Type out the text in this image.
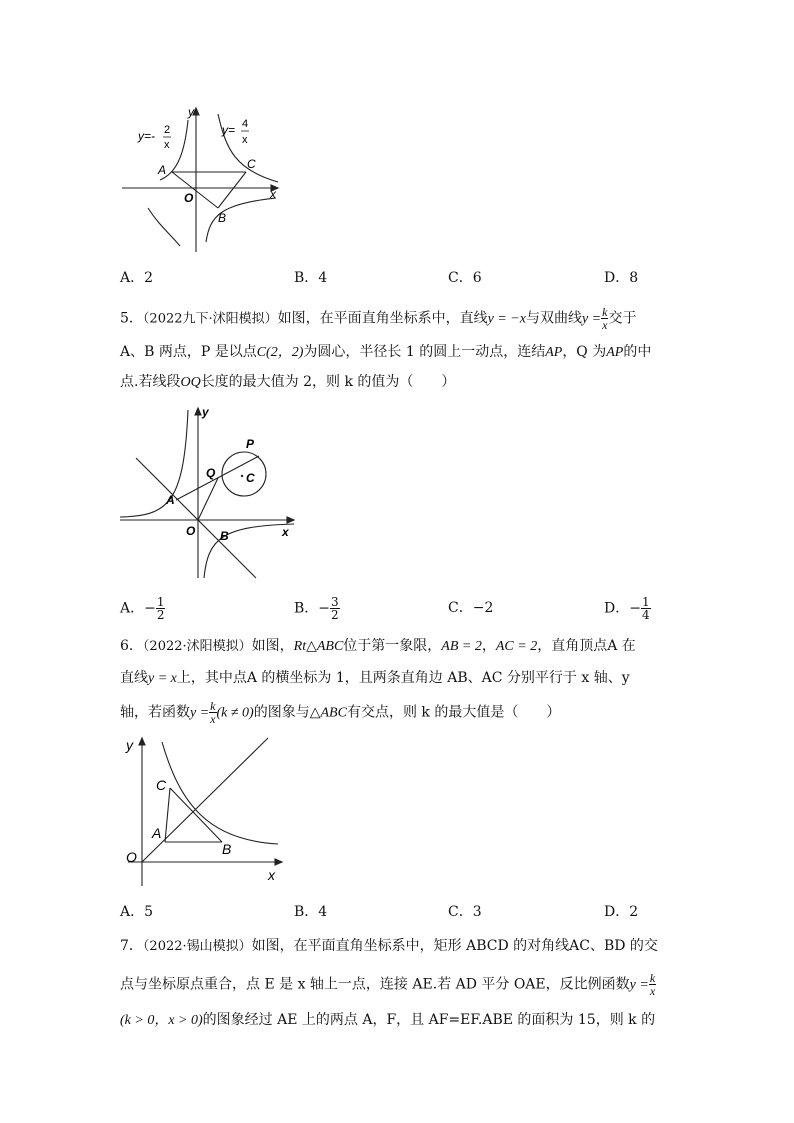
y=- 2
x
y= 4
x
A	C
B
O	x
y
A．2	B．4	C．6	D．8
5．（2022九下·沭阳模拟）如图，在平面直角坐标系中，直线y = −x与双曲线$y = \frac{k}{x}$ 交于
A、B 两点，P 是以点C(2，2)为圆心，半径长 1 的圆上一动点，连结AP，Q 为AP的中
点.若线段OQ长度的最大值为 2，则 k 的值为（　　）
C
P
Q
A
O B	x
y
A．− $\frac{1}{2}$	B．− $\frac{3}{2}$	C．−2	D．− $\frac{1}{4}$
6．（2022·沭阳模拟）如图，Rt△ABC位于第一象限，AB = 2，AC = 2，直角顶点A 在
直线y = x上，其中点A 的横坐标为 1，且两条直角边 AB、AC 分别平行于 x 轴、y
轴，若函数$y = \frac{k}{x} (k \ne 0)$的图象与△ABC有交点，则 k 的最大值是（　　）
C
A
B
O
x
y
A．5	B．4	C．3	D．2
7．（2022·锡山模拟）如图，在平面直角坐标系中，矩形 ABCD 的对角线AC、BD 的交
点与坐标原点重合，点 E 是 x 轴上一点，连接 AE.若 AD 平分 OAE，反比例函数$y = \frac{k}{x}$
(k > 0，x > 0)的图象经过 AE 上的两点 A，F，且 AF=EF.ABE 的面积为 15，则 k 的
